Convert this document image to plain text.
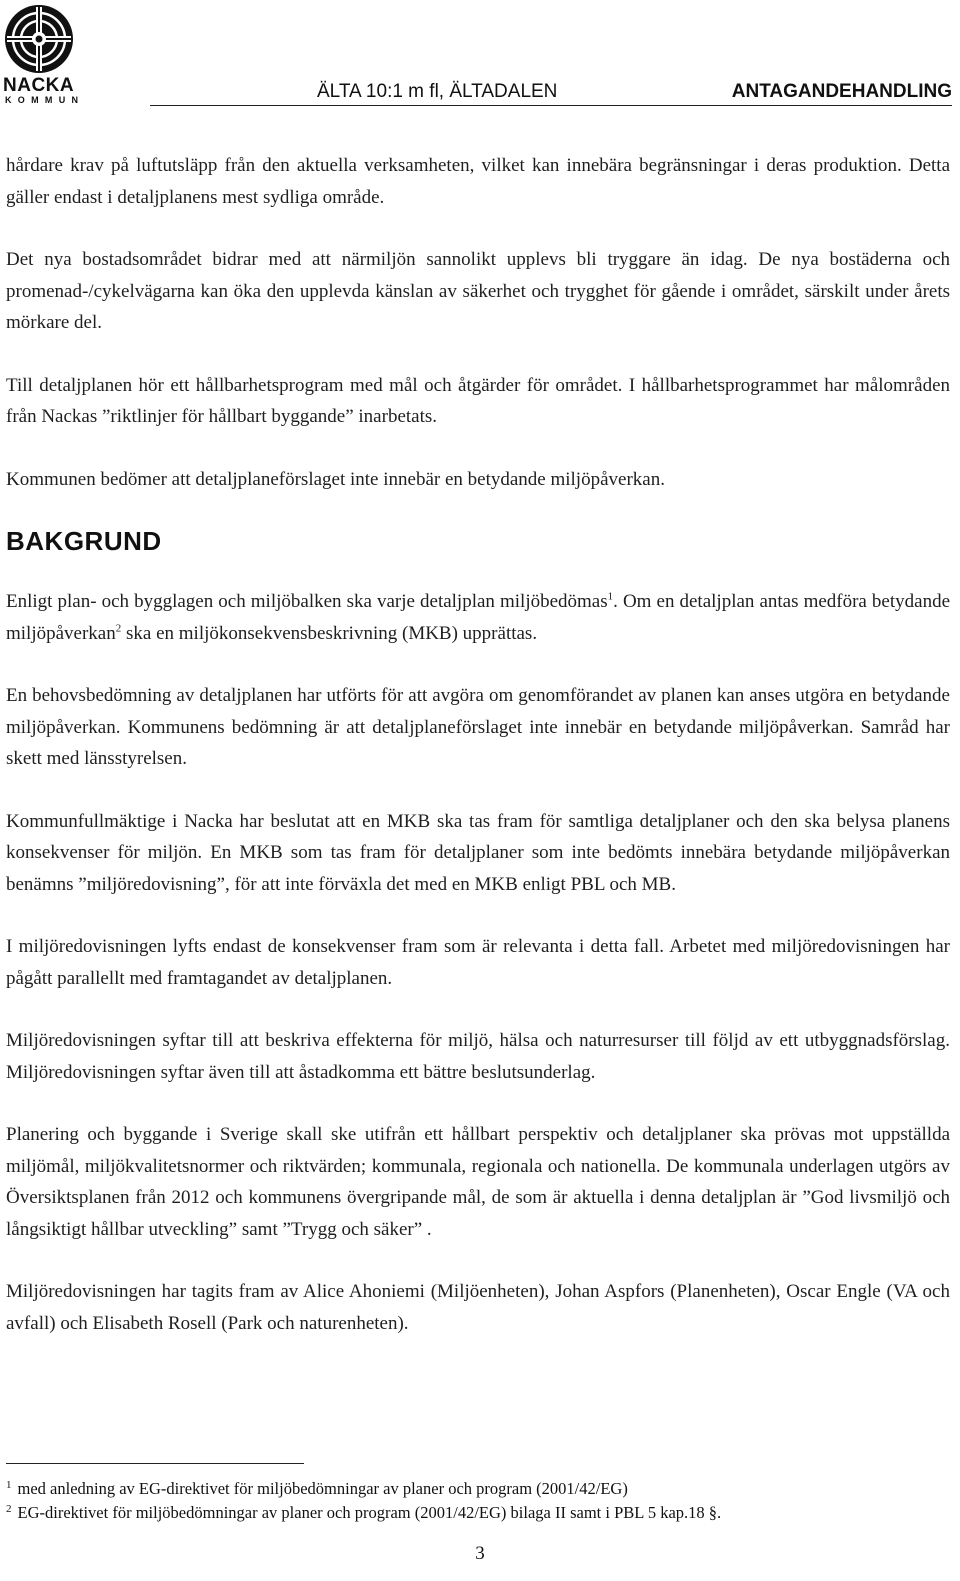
NACKA
KOMMUN	ÄLTA 10:1 m fl, ÄLTADALEN	ANTAGANDEHANDLING

hårdare krav på luftutsläpp från den aktuella verksamheten, vilket kan innebära begränsningar i deras produktion. Detta gäller endast i detaljplanens mest sydliga område.

Det nya bostadsområdet bidrar med att närmiljön sannolikt upplevs bli tryggare än idag. De nya bostäderna och promenad-/cykelvägarna kan öka den upplevda känslan av säkerhet och trygghet för gående i området, särskilt under årets mörkare del.

Till detaljplanen hör ett hållbarhetsprogram med mål och åtgärder för området. I hållbarhetsprogrammet har målområden från Nackas ”riktlinjer för hållbart byggande” inarbetats.

Kommunen bedömer att detaljplaneförslaget inte innebär en betydande miljöpåverkan.

BAKGRUND

Enligt plan- och bygglagen och miljöbalken ska varje detaljplan miljöbedömas$^1$. Om en detaljplan antas medföra betydande miljöpåverkan$^2$ ska en miljökonsekvensbeskrivning (MKB) upprättas.

En behovsbedömning av detaljplanen har utförts för att avgöra om genomförandet av planen kan anses utgöra en betydande miljöpåverkan. Kommunens bedömning är att detaljplaneförslaget inte innebär en betydande miljöpåverkan. Samråd har skett med länsstyrelsen.

Kommunfullmäktige i Nacka har beslutat att en MKB ska tas fram för samtliga detaljplaner och den ska belysa planens konsekvenser för miljön. En MKB som tas fram för detaljplaner som inte bedömts innebära betydande miljöpåverkan benämns ”miljöredovisning”, för att inte förväxla det med en MKB enligt PBL och MB.

I miljöredovisningen lyfts endast de konsekvenser fram som är relevanta i detta fall. Arbetet med miljöredovisningen har pågått parallellt med framtagandet av detaljplanen.

Miljöredovisningen syftar till att beskriva effekterna för miljö, hälsa och naturresurser till följd av ett utbyggnadsförslag. Miljöredovisningen syftar även till att åstadkomma ett bättre beslutsunderlag.

Planering och byggande i Sverige skall ske utifrån ett hållbart perspektiv och detaljplaner ska prövas mot uppställda miljömål, miljökvalitetsnormer och riktvärden; kommunala, regionala och nationella. De kommunala underlagen utgörs av Översiktsplanen från 2012 och kommunens övergripande mål, de som är aktuella i denna detaljplan är ”God livsmiljö och långsiktigt hållbar utveckling” samt ”Trygg och säker” .

Miljöredovisningen har tagits fram av Alice Ahoniemi (Miljöenheten), Johan Aspfors (Planenheten), Oscar Engle (VA och avfall) och Elisabeth Rosell (Park och naturenheten).

$^1$ med anledning av EG-direktivet för miljöbedömningar av planer och program (2001/42/EG)
$^2$ EG-direktivet för miljöbedömningar av planer och program (2001/42/EG) bilaga II samt i PBL 5 kap.18 §.
3
